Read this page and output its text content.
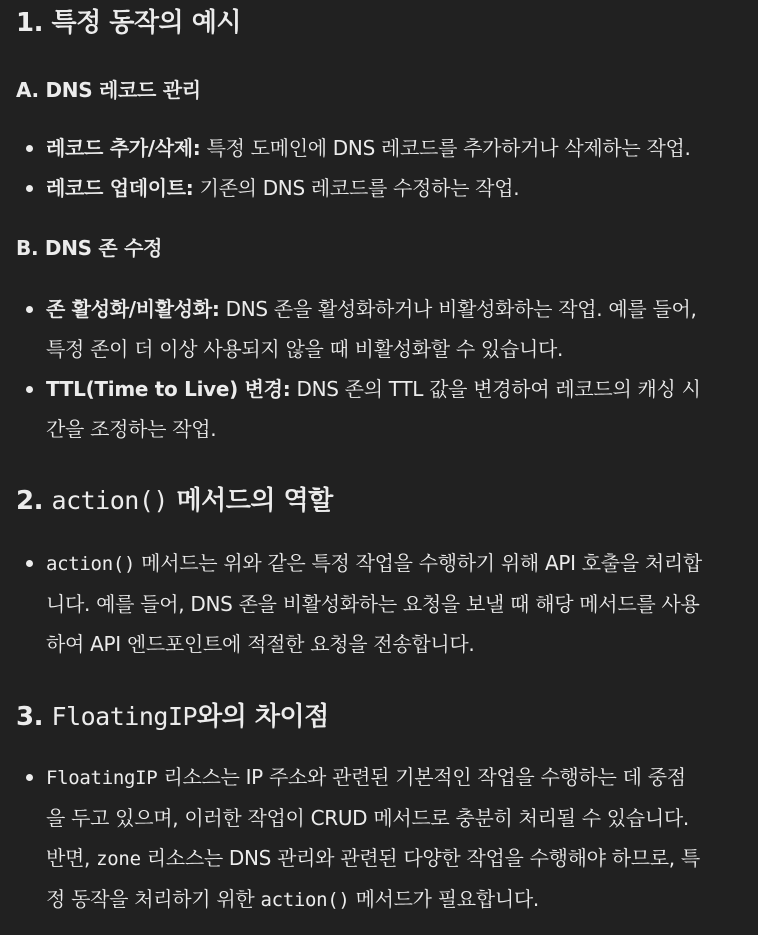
1. 특정 동작의 예시
A. DNS 레코드 관리
레코드 추가/삭제: 특정 도메인에 DNS 레코드를 추가하거나 삭제하는 작업.
레코드 업데이트: 기존의 DNS 레코드를 수정하는 작업.
B. DNS 존 수정
존 활성화/비활성화: DNS 존을 활성화하거나 비활성화하는 작업. 예를 들어,
특정 존이 더 이상 사용되지 않을 때 비활성화할 수 있습니다.
TTL(Time to Live) 변경: DNS 존의 TTL 값을 변경하여 레코드의 캐싱 시
간을 조정하는 작업.
2. action() 메서드의 역할
action() 메서드는 위와 같은 특정 작업을 수행하기 위해 API 호출을 처리합
니다. 예를 들어, DNS 존을 비활성화하는 요청을 보낼 때 해당 메서드를 사용
하여 API 엔드포인트에 적절한 요청을 전송합니다.
3. FloatingIP와의 차이점
FloatingIP 리소스는 IP 주소와 관련된 기본적인 작업을 수행하는 데 중점
을 두고 있으며, 이러한 작업이 CRUD 메서드로 충분히 처리될 수 있습니다.
반면, zone 리소스는 DNS 관리와 관련된 다양한 작업을 수행해야 하므로, 특
정 동작을 처리하기 위한 action() 메서드가 필요합니다.
